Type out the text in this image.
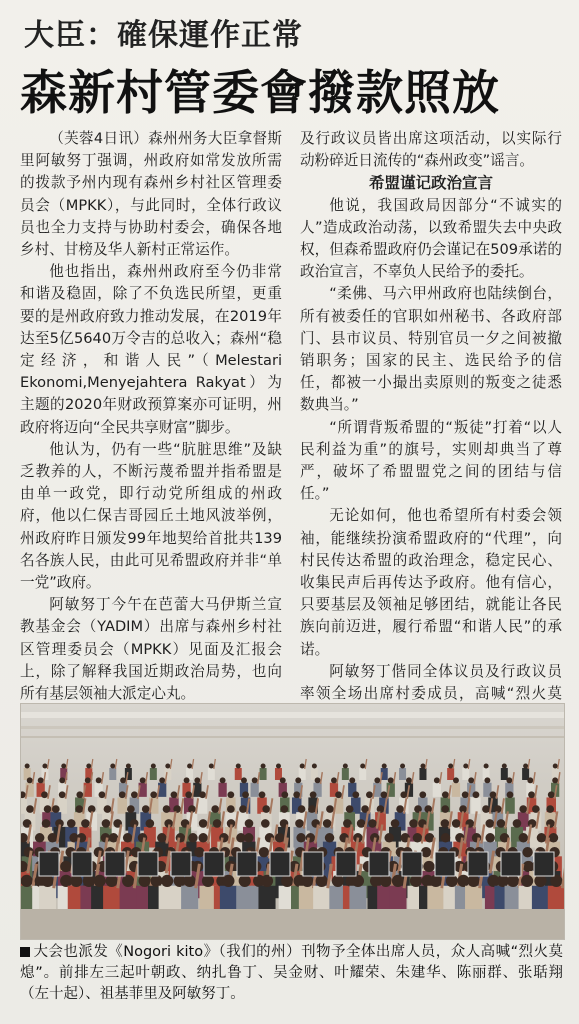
大臣：確保運作正常
森新村管委會撥款照放

（芙蓉4日讯）森州州务大臣拿督斯里阿敏努丁强调，州政府如常发放所需的拨款予州内现有森州乡村社区管理委员会（MPKK），与此同时，全体行政议员也全力支持与协助村委会，确保各地乡村、甘榜及华人新村正常运作。

他也指出，森州州政府至今仍非常和谐及稳固，除了不负选民所望，更重要的是州政府致力推动发展，在2019年达至5亿5640万令吉的总收入；森州“稳定经济，和谐人民”（Melestari Ekonomi,Menyejahtera Rakyat）为主题的2020年财政预算案亦可证明，州政府将迈向“全民共享财富”脚步。

他认为，仍有一些“肮脏思维”及缺乏教养的人，不断污蔑希盟并指希盟是由单一政党，即行动党所组成的州政府，他以仁保吉哥园丘土地风波举例，州政府昨日颁发99年地契给首批共139名各族人民，由此可见希盟政府并非“单一党”政府。

阿敏努丁今午在芭蕾大马伊斯兰宣教基金会（YADIM）出席与森州乡村社区管理委员会（MPKK）见面及汇报会上，除了解释我国近期政治局势，也向所有基层领袖大派定心丸。

及行政议员皆出席这项活动，以实际行动粉碎近日流传的“森州政变”谣言。

希盟谨记政治宣言

他说，我国政局因部分“不诚实的人”造成政治动荡，以致希盟失去中央政权，但森希盟政府仍会谨记在509承诺的政治宣言，不辜负人民给予的委托。

“柔佛、马六甲州政府也陆续倒台，所有被委任的官职如州秘书、各政府部门、县市议员、特别官员一夕之间被撤销职务；国家的民主、选民给予的信任，都被一小撮出卖原则的叛变之徒悉数典当。”

“所谓背叛希盟的“叛徒”打着“以人民利益为重”的旗号，实则却典当了尊严，破坏了希盟盟党之间的团结与信任。”

无论如何，他也希望所有村委会领袖，能继续扮演希盟政府的“代理”，向村民传达希盟的政治理念，稳定民心、收集民声后再传达予政府。他有信心，只要基层及领袖足够团结，就能让各民族向前迈进，履行希盟“和谐人民”的承诺。

阿敏努丁偕同全体议员及行政议员率领全场出席村委成员，高喊“烈火莫

大会也派发《Nogori kito》（我们的州）刊物予全体出席人员，众人高喊“烈火莫熄”。前排左三起叶朝政、纳扎鲁丁、吴金财、叶耀荣、朱建华、陈丽群、张聒翔（左十起）、祖基菲里及阿敏努丁。
